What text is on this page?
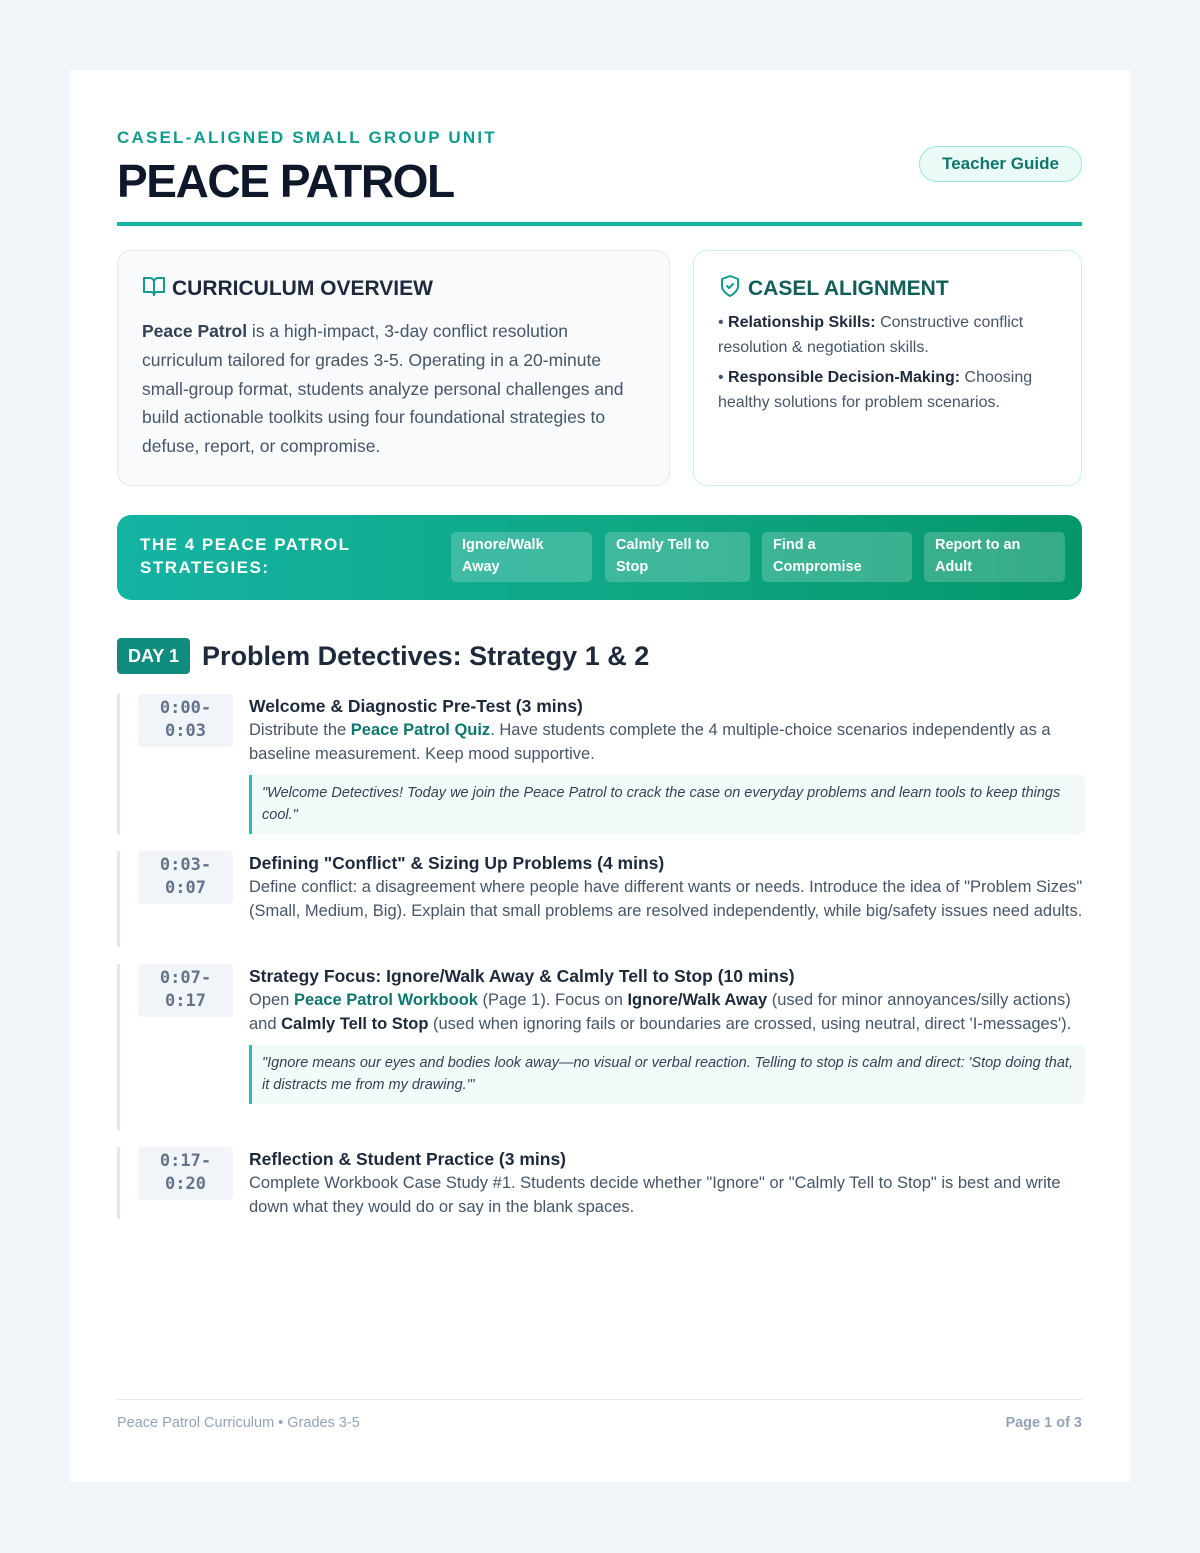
CASEL-ALIGNED SMALL GROUP UNIT
PEACE PATROL	Teacher Guide
CURRICULUM OVERVIEW

Peace Patrol is a high-impact, 3-day conflict resolution curriculum tailored for grades 3-5. Operating in a 20-minute small-group format, students analyze personal challenges and build actionable toolkits using four foundational strategies to defuse, report, or compromise.

CASEL ALIGNMENT

• Relationship Skills: Constructive conflict resolution & negotiation skills.

• Responsible Decision-Making: Choosing healthy solutions for problem scenarios.

THE 4 PEACE PATROL
STRATEGIES:
Ignore/Walk
Away
Calmly Tell to
Stop
Find a
Compromise
Report to an
Adult
DAY 1 Problem Detectives: Strategy 1 & 2
0:00-
0:03
Welcome & Diagnostic Pre-Test (3 mins)

Distribute the Peace Patrol Quiz. Have students complete the 4 multiple-choice scenarios independently as a baseline measurement. Keep mood supportive.

"Welcome Detectives! Today we join the Peace Patrol to crack the case on everyday problems and learn tools to keep things cool."
0:03-
0:07
Defining "Conflict" & Sizing Up Problems (4 mins)

Define conflict: a disagreement where people have different wants or needs. Introduce the idea of "Problem Sizes" (Small, Medium, Big). Explain that small problems are resolved independently, while big/safety issues need adults.

0:07-
0:17
Strategy Focus: Ignore/Walk Away & Calmly Tell to Stop (10 mins)

Open Peace Patrol Workbook (Page 1). Focus on Ignore/Walk Away (used for minor annoyances/silly actions) and Calmly Tell to Stop (used when ignoring fails or boundaries are crossed, using neutral, direct 'I-messages').

"Ignore means our eyes and bodies look away—no visual or verbal reaction. Telling to stop is calm and direct: 'Stop doing that, it distracts me from my drawing.'"
0:17-
0:20
Reflection & Student Practice (3 mins)

Complete Workbook Case Study #1. Students decide whether "Ignore" or "Calmly Tell to Stop" is best and write down what they would do or say in the blank spaces.

Peace Patrol Curriculum • Grades 3-5	Page 1 of 3
